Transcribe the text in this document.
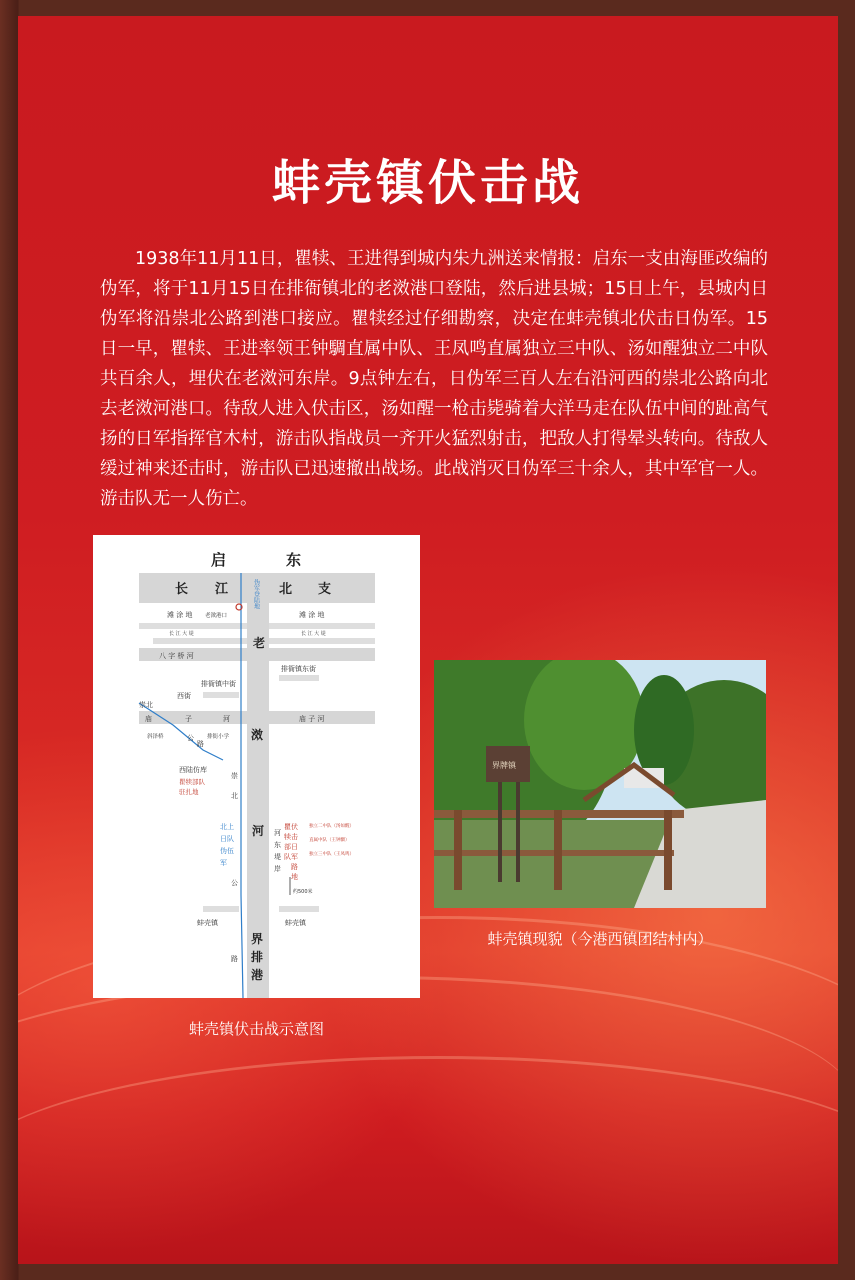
蚌壳镇伏击战

1938年11月11日，瞿犊、王进得到城内朱九洲送来情报：启东一支由海匪改编的伪军，将于11月15日在排衙镇北的老滧港口登陆，然后进县城；15日上午，县城内日伪军将沿崇北公路到港口接应。瞿犊经过仔细勘察，决定在蚌壳镇北伏击日伪军。15日一早，瞿犊、王进率领王钟騆直属中队、王凤鸣直属独立三中队、汤如醒独立二中队共百余人，埋伏在老滧河东岸。9点钟左右，日伪军三百人左右沿河西的崇北公路向北去老滧河港口。待敌人进入伏击区，汤如醒一枪击毙骑着大洋马走在队伍中间的趾高气扬的日军指挥官木村，游击队指战员一齐开火猛烈射击，把敌人打得晕头转向。待敌人缓过神来还击时，游击队已迅速撤出战场。此战消灭日伪军三十余人，其中军官一人。游击队无一人伤亡。

启	东
长 江	北 支
伪军登陆地
滩 涂 地	滩 涂 地
老滧港口
长 江 大 堤	长 江 大 堤
老
八 字 桥 河
排衙镇东街
排衙镇中街
西街
崇北
庙	子	河	庙 子 河
斜泽桥	排衙小学
公
路
滧
西陆仿库
瞿犊部队
驻扎地
崇
北
北上
日队
伪伍
军
河 河
东
堤
岸
瞿伏
犊击
部日
队军
路
地
独立二中队（汤如醒）
直属中队（王钟騆）
独立三中队（王凤鸣）
公
约500米
蚌壳镇	蚌壳镇
路
界
排
港
蚌壳镇伏击战示意图
界牌镇
蚌壳镇现貌（今港西镇团结村内）
